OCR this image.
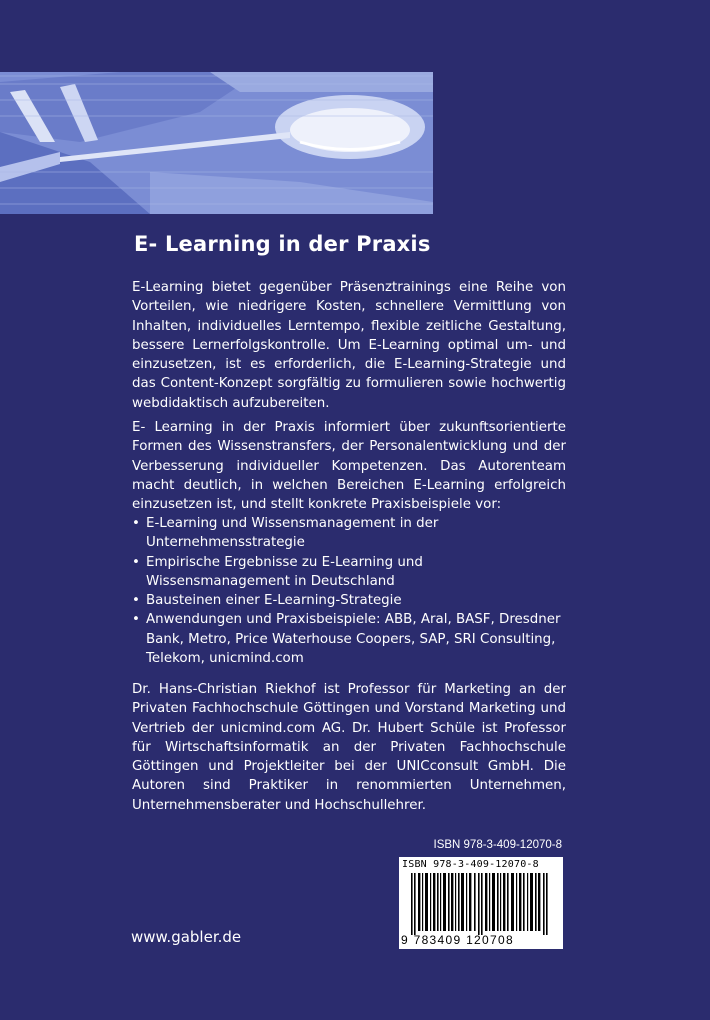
E- Learning in der Praxis
E-Learning bietet gegenüber Präsenztrainings eine Reihe von Vorteilen, wie niedrigere Kosten, schnellere Vermittlung von Inhalten, individuelles Lerntempo, flexible zeitliche Gestaltung, bessere Lernerfolgskontrolle. Um E-Learning optimal um- und einzusetzen, ist es erforderlich, die E-Learning-Strategie und das Content-Konzept sorgfältig zu formulieren sowie hochwertig webdidaktisch aufzubereiten.
E- Learning in der Praxis informiert über zukunftsorientierte Formen des Wissenstransfers, der Personalentwicklung und der Verbesserung individueller Kompetenzen. Das Autorenteam macht deutlich, in welchen Bereichen E-Learning erfolgreich einzusetzen ist, und stellt konkrete Praxisbeispiele vor:
• E-Learning und Wissensmanagement in der Unternehmensstrategie
• Empirische Ergebnisse zu E-Learning und Wissensmanagement in Deutschland
• Bausteinen einer E-Learning-Strategie
• Anwendungen und Praxisbeispiele: ABB, Aral, BASF, Dresdner Bank, Metro, Price Waterhouse Coopers, SAP, SRI Consulting, Telekom, unicmind.com
Dr. Hans-Christian Riekhof ist Professor für Marketing an der Privaten Fachhochschule Göttingen und Vorstand Marketing und Vertrieb der unicmind.com AG. Dr. Hubert Schüle ist Professor für Wirtschaftsinformatik an der Privaten Fachhochschule Göttingen und Projektleiter bei der UNICconsult GmbH. Die Autoren sind Praktiker in renommierten Unternehmen, Unternehmensberater und Hochschullehrer.
ISBN 978-3-409-12070-8
ISBN 978-3-409-12070-8
9 783409 120708
www.gabler.de
